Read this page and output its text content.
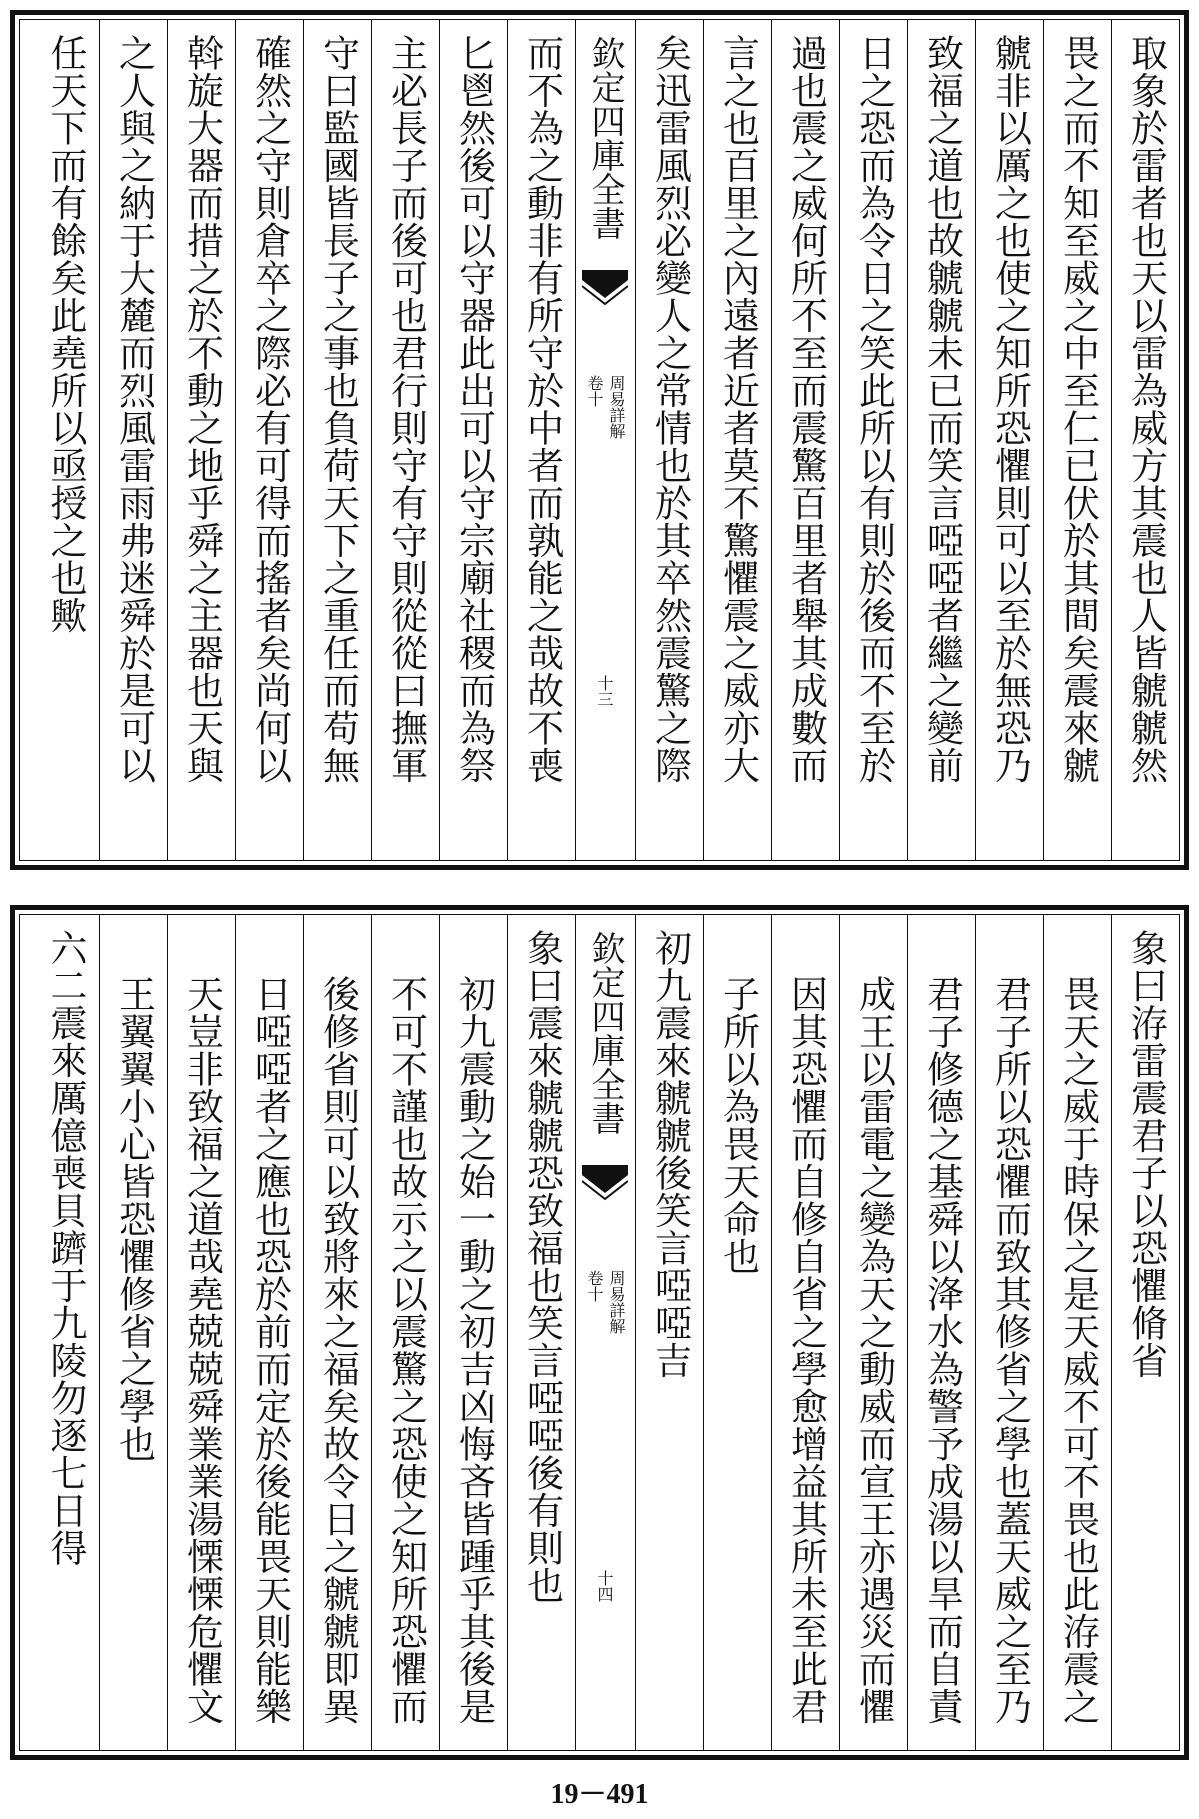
取象於雷者也天以雷為威方其震也人皆虩虩然
畏之而不知至威之中至仁已伏於其間矣震來虩
虩非以厲之也使之知所恐懼則可以至於無恐乃
致福之道也故虩虩未已而笑言啞啞者繼之變前
日之恐而為令日之笑此所以有則於後而不至於
過也震之威何所不至而震驚百里者舉其成數而
言之也百里之內遠者近者莫不驚懼震之威亦大
矣迅雷風烈必變人之常情也於其卒然震驚之際
欽定四庫全書
周易詳解
卷十
十三
而不為之動非有所守於中者而孰能之哉故不喪
匕鬯然後可以守器此出可以守宗廟社稷而為祭
主必長子而後可也君行則守有守則從從曰撫軍
守曰監國皆長子之事也負荷天下之重任而苟無
確然之守則倉卒之際必有可得而搖者矣尚何以
斡旋大器而措之於不動之地乎舜之主器也天與
之人與之納于大麓而烈風雷雨弗迷舜於是可以
任天下而有餘矣此堯所以亟授之也歟
象曰洊雷震君子以恐懼脩省
畏天之威于時保之是天威不可不畏也此洊震之
君子所以恐懼而致其修省之學也蓋天威之至乃
君子修德之基舜以洚水為警予成湯以旱而自責
成王以雷電之變為天之動威而宣王亦遇災而懼
因其恐懼而自修自省之學愈增益其所未至此君
子所以為畏天命也
初九震來虩虩後笑言啞啞吉
欽定四庫全書
周易詳解
卷十
十四
象曰震來虩虩恐致福也笑言啞啞後有則也
初九震動之始一動之初吉凶悔吝皆踵乎其後是
不可不謹也故示之以震驚之恐使之知所恐懼而
後修省則可以致將來之福矣故令日之虩虩即異
日啞啞者之應也恐於前而定於後能畏天則能樂
天豈非致福之道哉堯兢兢舜業業湯慄慄危懼文
王翼翼小心皆恐懼修省之學也
六二震來厲億喪貝躋于九陵勿逐七日得
19－491
